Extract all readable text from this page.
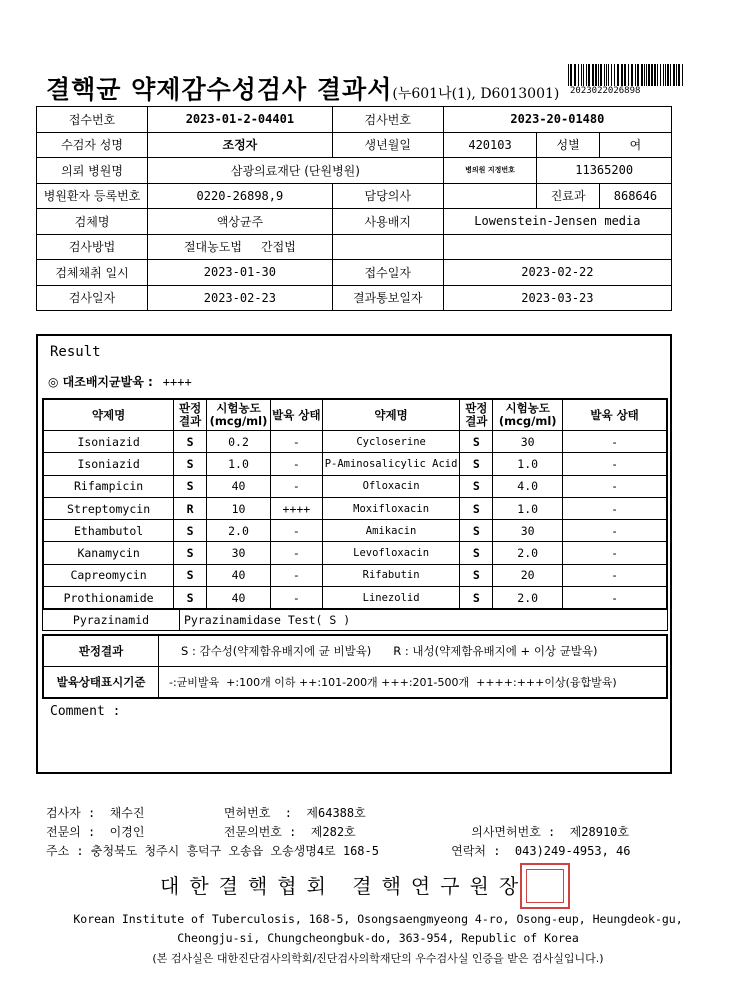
결핵균 약제감수성검사 결과서(누601나(1), D6013001) 2023022026898
접수번호	2023-01-2-04401	검사번호	2023-20-01480		
수검자 성명	조정자	생년월일	420103	성별	여
의뢰 병원명	삼광의료재단 (단원병원)		병의원 지정번호	11365200	
병원환자 등록번호	0220-26898,9	담당의사		진료과	868646
검체명	액상균주	사용배지	Lowenstein-Jensen media		
검사방법	절대농도법 간접법				
검체채취 일시	2023-01-30	접수일자	2023-02-22		
검사일자	2023-02-23	결과통보일자	2023-03-23		
Result
◎ 대조배지균발육 : ++++
약제명	판정 결과	시험농도 (mcg/ml)	발육 상태	약제명	판정 결과	시험농도 (mcg/ml)	발육 상태
Isoniazid	S	0.2	-	Cycloserine	S	30	-
Isoniazid	S	1.0	-	P-Aminosalicylic Acid	S	1.0	-
Rifampicin	S	40	-	Ofloxacin	S	4.0	-
Streptomycin	R	10	++++	Moxifloxacin	S	1.0	-
Ethambutol	S	2.0	-	Amikacin	S	30	-
Kanamycin	S	30	-	Levofloxacin	S	2.0	-
Capreomycin	S	40	-	Rifabutin	S	20	-
Prothionamide	S	40	-	Linezolid	S	2.0	-
Pyrazinamid	Pyrazinamidase Test( S )
판정결과	S : 감수성(약제함유배지에 균 비발육)      R : 내성(약제함유배지에 + 이상 균발육)
발육상태표시기준	-:균비발육  +:100개 이하 ++:101-200개 +++:201-500개  ++++:+++이상(융합발육)
Comment :
검사자 :  채수진           면허번호  :  제64388호
전문의 :  이경인           전문의번호 :  제282호                의사면허번호 :  제28910호
주소 : 충청북도 청주시 흥덕구 오송읍 오송생명4로 168-5          연락처 :  043)249-4953, 46
대한결핵협회 결핵연구원장
Korean Institute of Tuberculosis, 168-5, Osongsaengmyeong 4-ro, Osong-eup, Heungdeok-gu,
Cheongju-si, Chungcheongbuk-do, 363-954, Republic of Korea
(본 검사실은 대한진단검사의학회/진단검사의학재단의 우수검사실 인증을 받은 검사실입니다.)
